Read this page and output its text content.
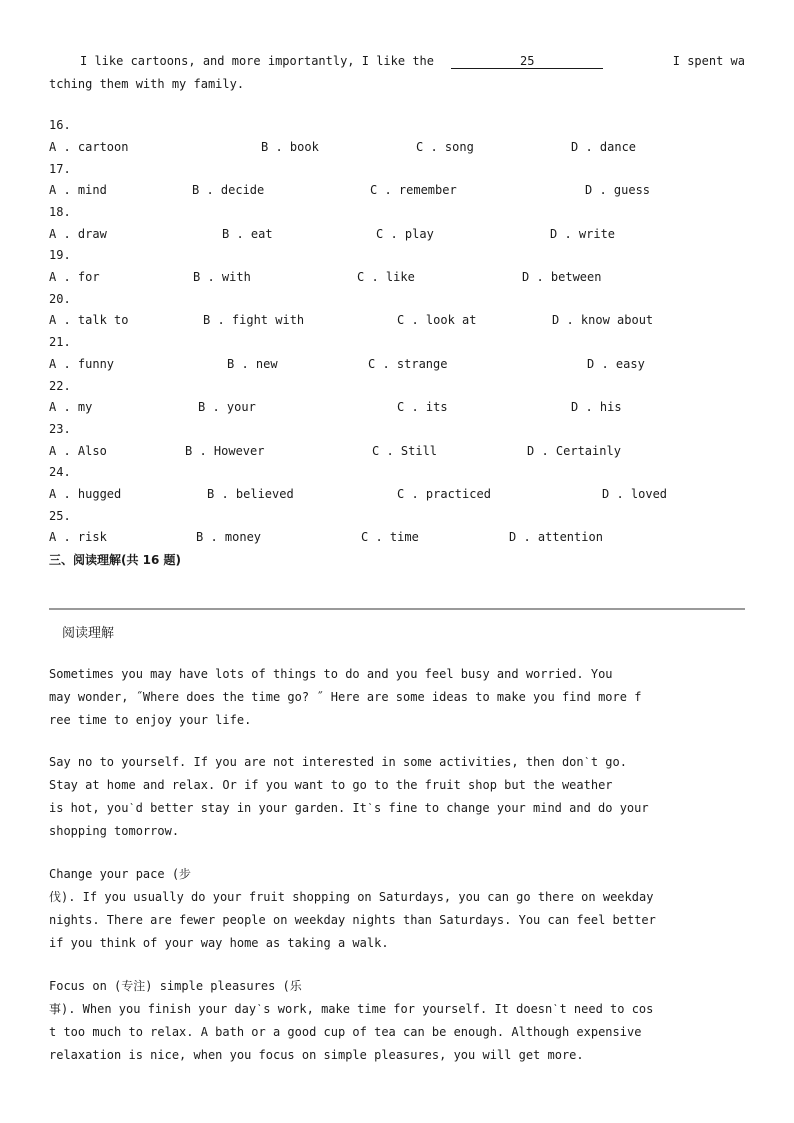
I like cartoons, and more importantly, I like the	25	I spent wa
tching them with my family.
16.
A . cartoon	B . book	C . song	D . dance
17.
A . mind	B . decide	C . remember	D . guess
18.
A . draw	B . eat	C . play	D . write
19.
A . for	B . with	C . like	D . between
20.
A . talk to	B . fight with	C . look at	D . know about
21.
A . funny	B . new	C . strange	D . easy
22.
A . my	B . your	C . its	D . his
23.
A . Also	B . However	C . Still	D . Certainly
24.
A . hugged	B . believed	C . practiced	D . loved
25.
A . risk	B . money	C . time	D . attention
三、阅读理解(共 16 题)
阅读理解
Sometimes you may have lots of things to do and you feel busy and worried. You
may wonder, ˝Where does the time go? ˝ Here are some ideas to make you find more f
ree time to enjoy your life.
Say no to yourself. If you are not interested in some activities, then donˋt go.
Stay at home and relax. Or if you want to go to the fruit shop but the weather
is hot, youˋd better stay in your garden. Itˋs fine to change your mind and do your
shopping tomorrow.
Change your pace (步
伐). If you usually do your fruit shopping on Saturdays, you can go there on weekday
nights. There are fewer people on weekday nights than Saturdays. You can feel better
if you think of your way home as taking a walk.
Focus on (专注) simple pleasures (乐
事). When you finish your dayˋs work, make time for yourself. It doesnˋt need to cos
t too much to relax. A bath or a good cup of tea can be enough. Although expensive
relaxation is nice, when you focus on simple pleasures, you will get more.
